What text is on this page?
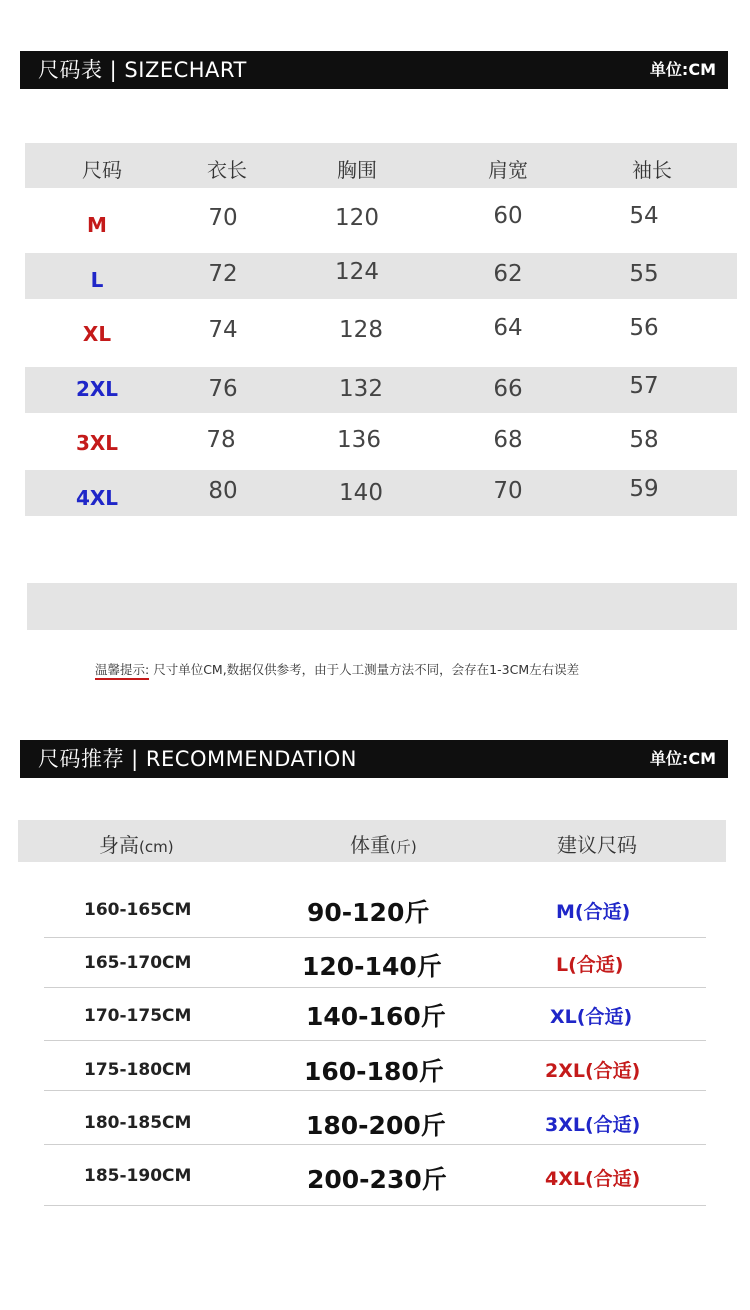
尺码表 | SIZECHART	单位:CM
尺码	衣长	胸围	肩宽	袖长
M	70	120	60	54
L	72	124	62	55
XL	74	128	64	56
2XL	76	132	66	57
3XL	78	136	68	58
4XL	80	140	70	59
温馨提示: 尺寸单位CM,数据仅供参考，由于人工测量方法不同，会存在1-3CM左右误差
尺码推荐 | RECOMMENDATION	单位:CM
身高(cm)	体重(斤)	建议尺码
160-165CM	90-120斤	M(合适)
165-170CM	120-140斤	L(合适)
170-175CM	140-160斤	XL(合适)
175-180CM	160-180斤	2XL(合适)
180-185CM	180-200斤	3XL(合适)
185-190CM	200-230斤	4XL(合适)
